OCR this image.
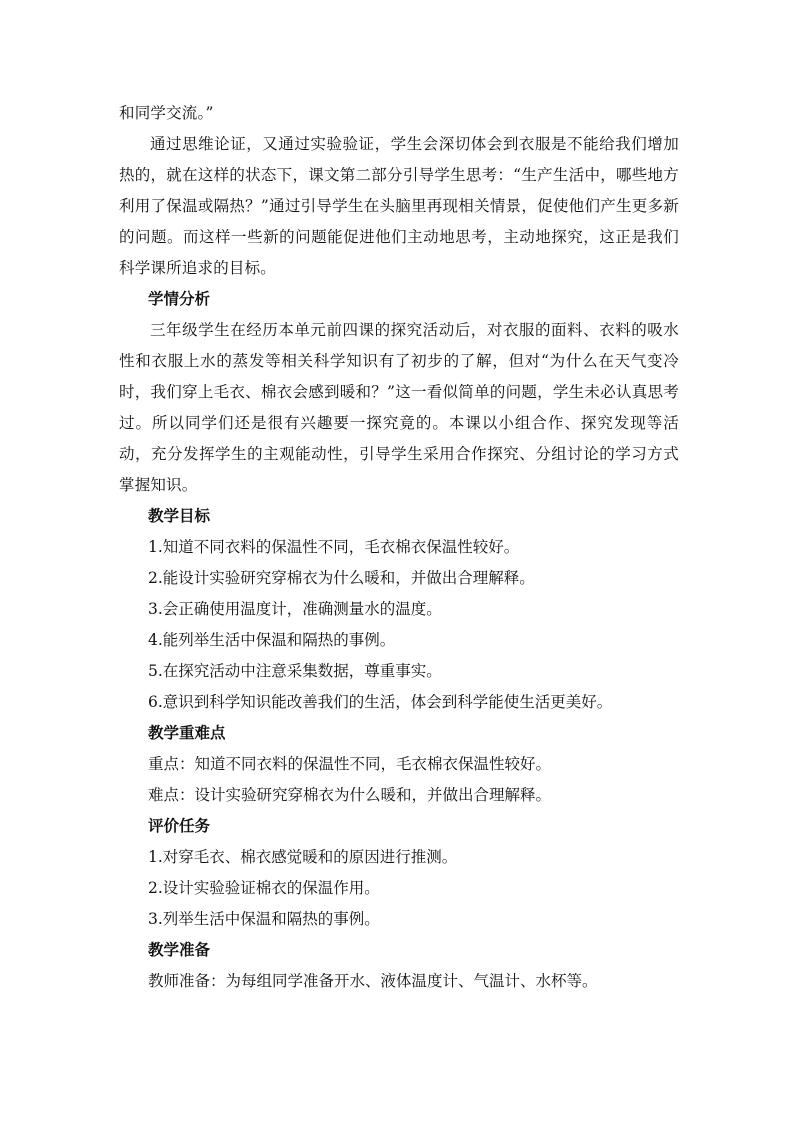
和同学交流。”

通过思维论证，又通过实验验证，学生会深切体会到衣服是不能给我们增加热的，就在这样的状态下，课文第二部分引导学生思考：“生产生活中，哪些地方利用了保温或隔热？”通过引导学生在头脑里再现相关情景，促使他们产生更多新的问题。而这样一些新的问题能促进他们主动地思考，主动地探究，这正是我们科学课所追求的目标。

学情分析

三年级学生在经历本单元前四课的探究活动后，对衣服的面料、衣料的吸水性和衣服上水的蒸发等相关科学知识有了初步的了解，但对“为什么在天气变冷时，我们穿上毛衣、棉衣会感到暖和？”这一看似简单的问题，学生未必认真思考过。所以同学们还是很有兴趣要一探究竟的。本课以小组合作、探究发现等活动，充分发挥学生的主观能动性，引导学生采用合作探究、分组讨论的学习方式掌握知识。

教学目标

1.知道不同衣料的保温性不同，毛衣棉衣保温性较好。

2.能设计实验研究穿棉衣为什么暖和，并做出合理解释。

3.会正确使用温度计，准确测量水的温度。

4.能列举生活中保温和隔热的事例。

5.在探究活动中注意采集数据，尊重事实。

6.意识到科学知识能改善我们的生活，体会到科学能使生活更美好。

教学重难点

重点：知道不同衣料的保温性不同，毛衣棉衣保温性较好。

难点：设计实验研究穿棉衣为什么暖和，并做出合理解释。

评价任务

1.对穿毛衣、棉衣感觉暖和的原因进行推测。

2.设计实验验证棉衣的保温作用。

3.列举生活中保温和隔热的事例。

教学准备

教师准备：为每组同学准备开水、液体温度计、气温计、水杯等。
